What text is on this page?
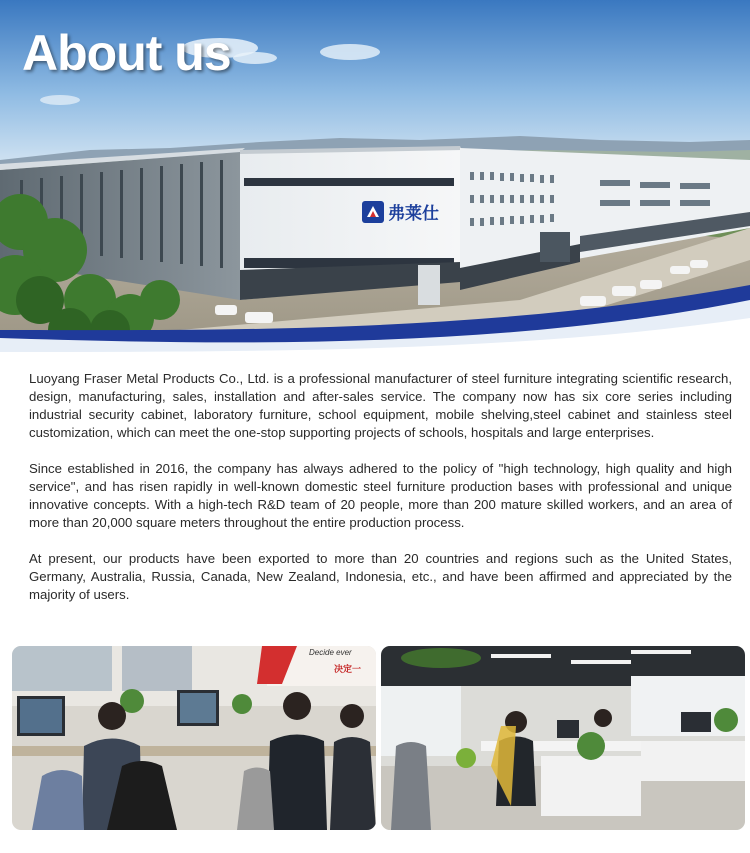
About us
弗莱仕

Luoyang Fraser Metal Products Co., Ltd. is a professional manufacturer of steel furniture integrating scientific research, design, manufacturing, sales, installation and after-sales service. The company now has six core series including industrial security cabinet, laboratory furniture, school equipment, mobile shelving,steel cabinet and stainless steel customization, which can meet the one-stop supporting projects of schools, hospitals and large enterprises.

Since established in 2016, the company has always adhered to the policy of "high technology, high quality and high service", and has risen rapidly in well-known domestic steel furniture production bases with professional and unique innovative concepts. With a high-tech R&D team of 20 people, more than 200 mature skilled workers, and an area of more than 20,000 square meters throughout the entire production process.

At present, our products have been exported to more than 20 countries and regions such as the United States, Germany, Australia, Russia, Canada, New Zealand, Indonesia, etc., and have been affirmed and appreciated by the majority of users.

Decide ever
决定一
